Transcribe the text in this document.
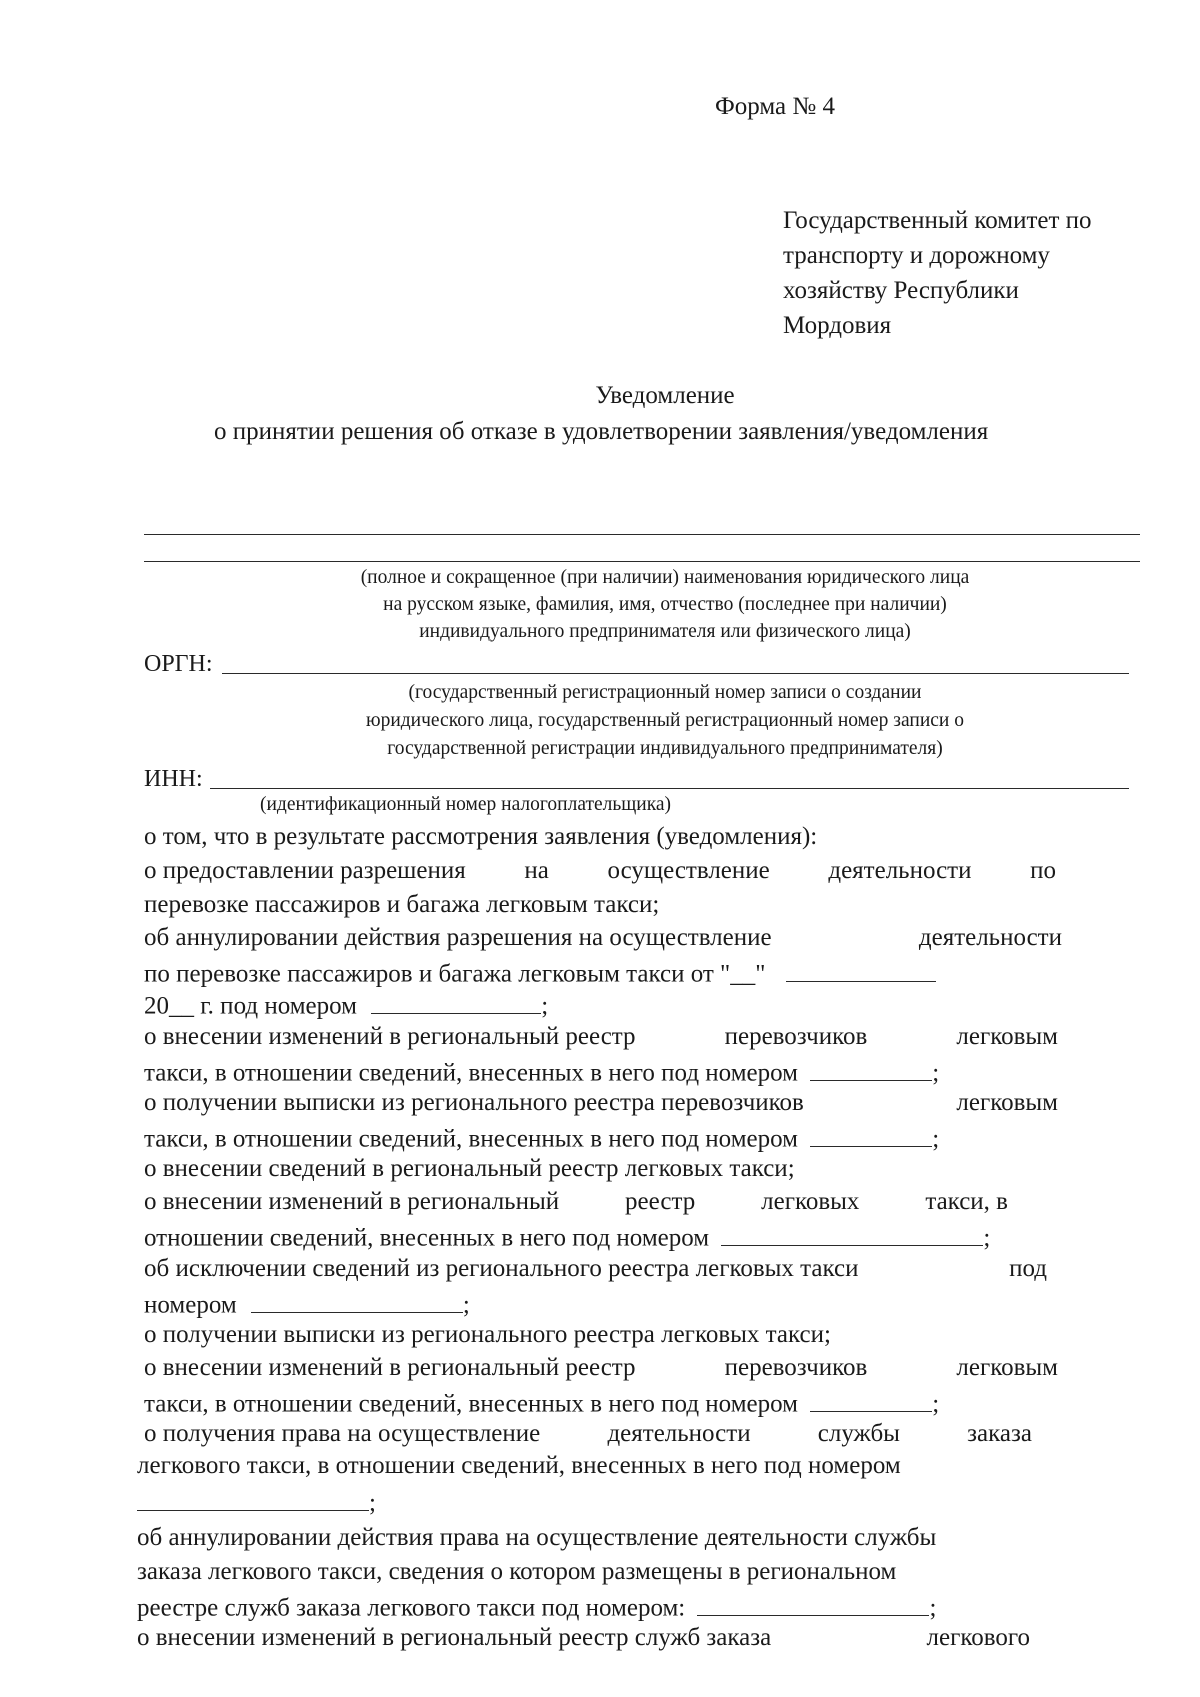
Форма № 4
Государственный комитет по
транспорту и дорожному
хозяйству Республики
Мордовия
Уведомление
о принятии решения об отказе в удовлетворении заявления/уведомления
(полное и сокращенное (при наличии) наименования юридического лица
на русском языке, фамилия, имя, отчество (последнее при наличии)
индивидуального предпринимателя или физического лица)
ОРГН:
(государственный регистрационный номер записи о создании
юридического лица, государственный регистрационный номер записи о
государственной регистрации индивидуального предпринимателя)
ИНН:
(идентификационный номер налогоплательщика)
о том, что в результате рассмотрения заявления (уведомления):
о предоставлении разрешения на осуществление деятельности по
перевозке пассажиров и багажа легковым такси;
об аннулировании действия разрешения на осуществление	деятельности
по перевозке пассажиров и багажа легковым такси от "__"
20__ г. под номером	;
о внесении изменений в региональный реестр	перевозчиков	легковым
такси, в отношении сведений, внесенных в него под номером	;
о получении выписки из регионального реестра перевозчиков	легковым
такси, в отношении сведений, внесенных в него под номером	;
о внесении сведений в региональный реестр легковых такси;
о внесении изменений в региональный	реестр	легковых	такси, в
отношении сведений, внесенных в него под номером	;
об исключении сведений из регионального реестра легковых такси	под
номером	;
о получении выписки из регионального реестра легковых такси;
о внесении изменений в региональный реестр	перевозчиков	легковым
такси, в отношении сведений, внесенных в него под номером	;
о получения права на осуществление	деятельности	службы	заказа
легкового такси, в отношении сведений, внесенных в него под номером
;
об аннулировании действия права на осуществление деятельности службы
заказа легкового такси, сведения о котором размещены в региональном
реестре служб заказа легкового такси под номером:	;
о внесении изменений в региональный реестр служб заказа	легкового
